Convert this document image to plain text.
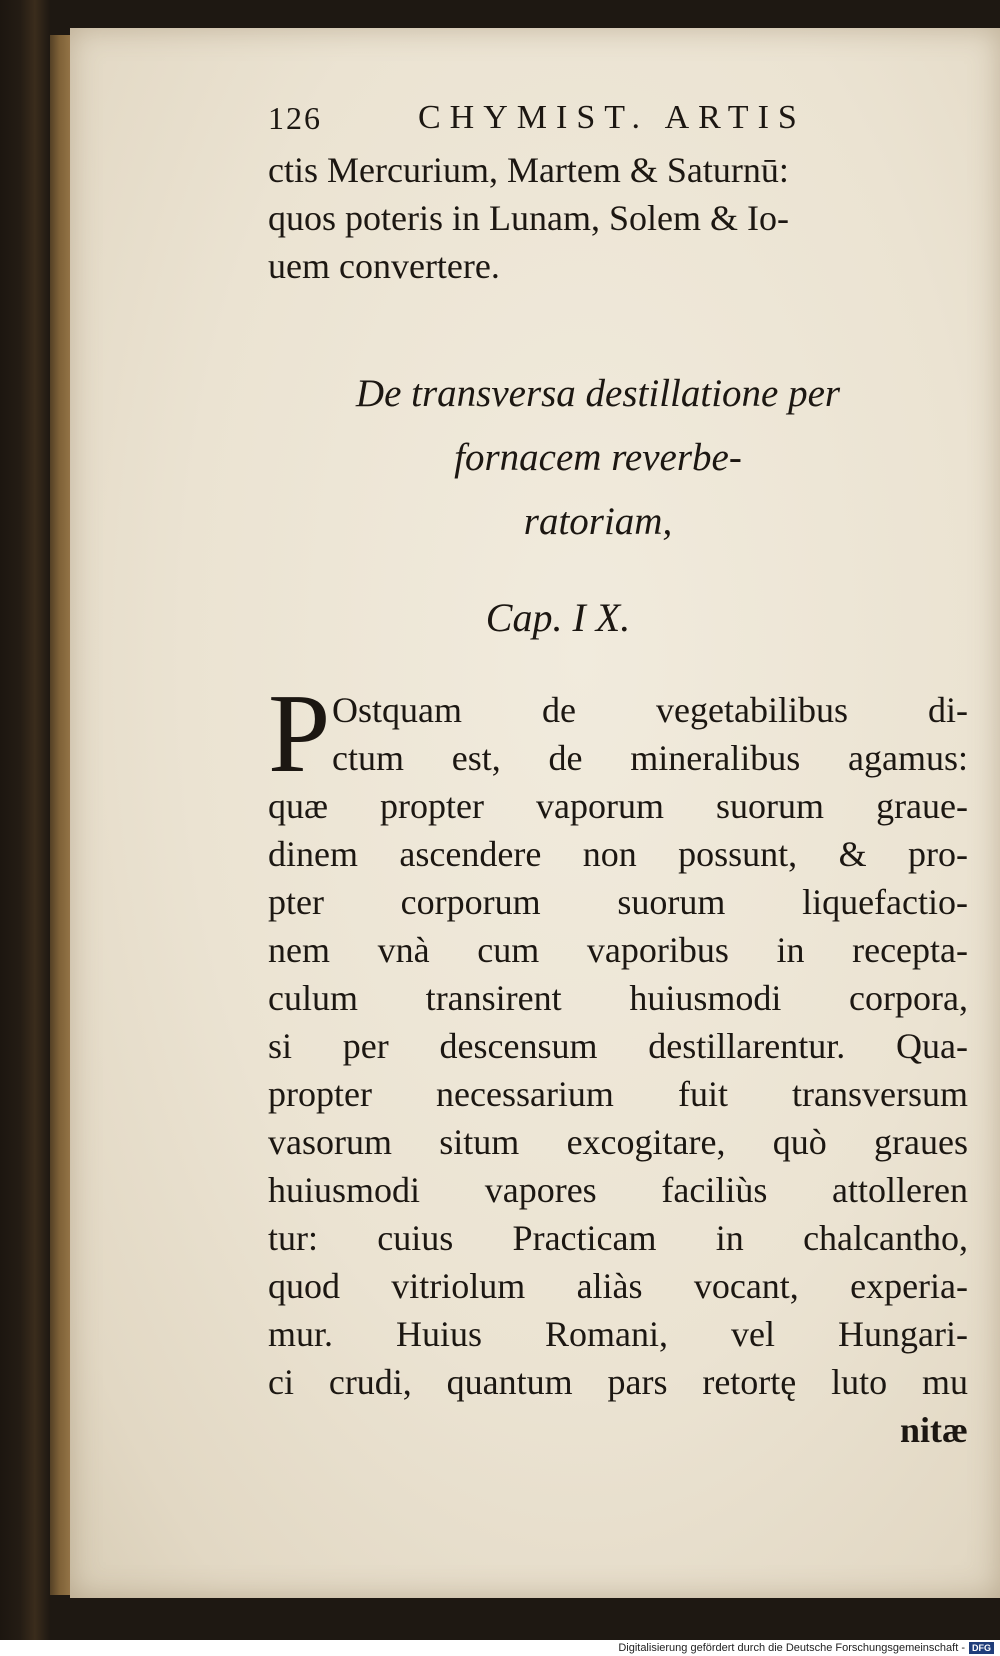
126	CHYMIST. ARTIS
ctis Mercurium, Martem & Saturnū:
quos poteris in Lunam, Solem & Io-
uem convertere.
De transversa destillatione per
fornacem reverbe-
ratoriam,
Cap. I X.
P Ostquam de vegetabilibus di-
ctum est, de mineralibus agamus:
quæ propter vaporum suorum graue-
dinem ascendere non possunt, & pro-
pter corporum suorum liquefactio-
nem vnà cum vaporibus in recepta-
culum transirent huiusmodi corpora,
si per descensum destillarentur. Qua-
propter necessarium fuit transversum
vasorum situm excogitare, quò graues
huiusmodi vapores faciliùs attolleren
tur: cuius Practicam in chalcantho,
quod vitriolum aliàs vocant, experia-
mur. Huius Romani, vel Hungari-
ci crudi, quantum pars retortę luto mu
nitæ
Digitalisierung gefördert durch die Deutsche Forschungsgemeinschaft - DFG
